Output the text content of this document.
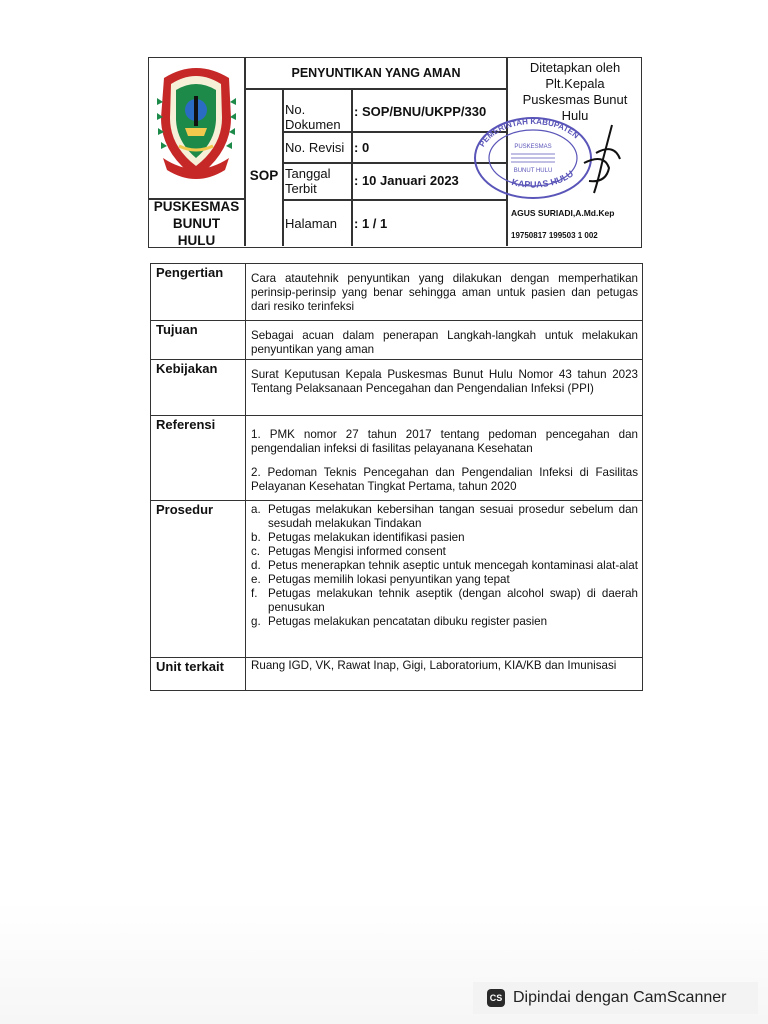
PUSKESMAS
BUNUT
HULU
PENYUNTIKAN YANG AMAN
SOP
No. Dokumen
: SOP/BNU/UKPP/330
No. Revisi : 0
Tanggal Terbit
: 10 Januari 2023
Halaman : 1 / 1
Ditetapkan oleh
Plt.Kepala
Puskesmas Bunut
Hulu
PEMERINTAH KABUPATEN
KAPUAS HULU
PUSKESMAS
BUNUT HULU
AGUS SURIADI,A.Md.Kep
19750817 199503 1 002
Pengertian	Cara atautehnik penyuntikan yang dilakukan dengan memperhatikan perinsip-perinsip yang benar sehingga aman untuk pasien dan petugas dari resiko terinfeksi

Tujuan	Sebagai acuan dalam penerapan Langkah-langkah untuk melakukan penyuntikan yang aman

Kebijakan	Surat Keputusan Kepala Puskesmas Bunut Hulu Nomor 43 tahun 2023 Tentang Pelaksanaan Pencegahan dan Pengendalian Infeksi (PPI)

Referensi

1. PMK nomor 27 tahun 2017 tentang pedoman pencegahan dan pengendalian infeksi di fasilitas pelayanana Kesehatan

2. Pedoman Teknis Pencegahan dan Pengendalian Infeksi di Fasilitas Pelayanan Kesehatan Tingkat Pertama, tahun 2020

Prosedur	a. Petugas melakukan kebersihan tangan sesuai prosedur sebelum dan sesudah melakukan Tindakan
b. Petugas melakukan identifikasi pasien
c. Petugas Mengisi informed consent
d. Petus menerapkan tehnik aseptic untuk mencegah kontaminasi alat-alat
e. Petugas memilih lokasi penyuntikan yang tepat
f. Petugas melakukan tehnik aseptik (dengan alcohol swap) di daerah penusukan
g. Petugas melakukan pencatatan dibuku register pasien
Unit terkait	Ruang IGD, VK, Rawat Inap, Gigi, Laboratorium, KIA/KB dan Imunisasi

CS Dipindai dengan CamScanner
